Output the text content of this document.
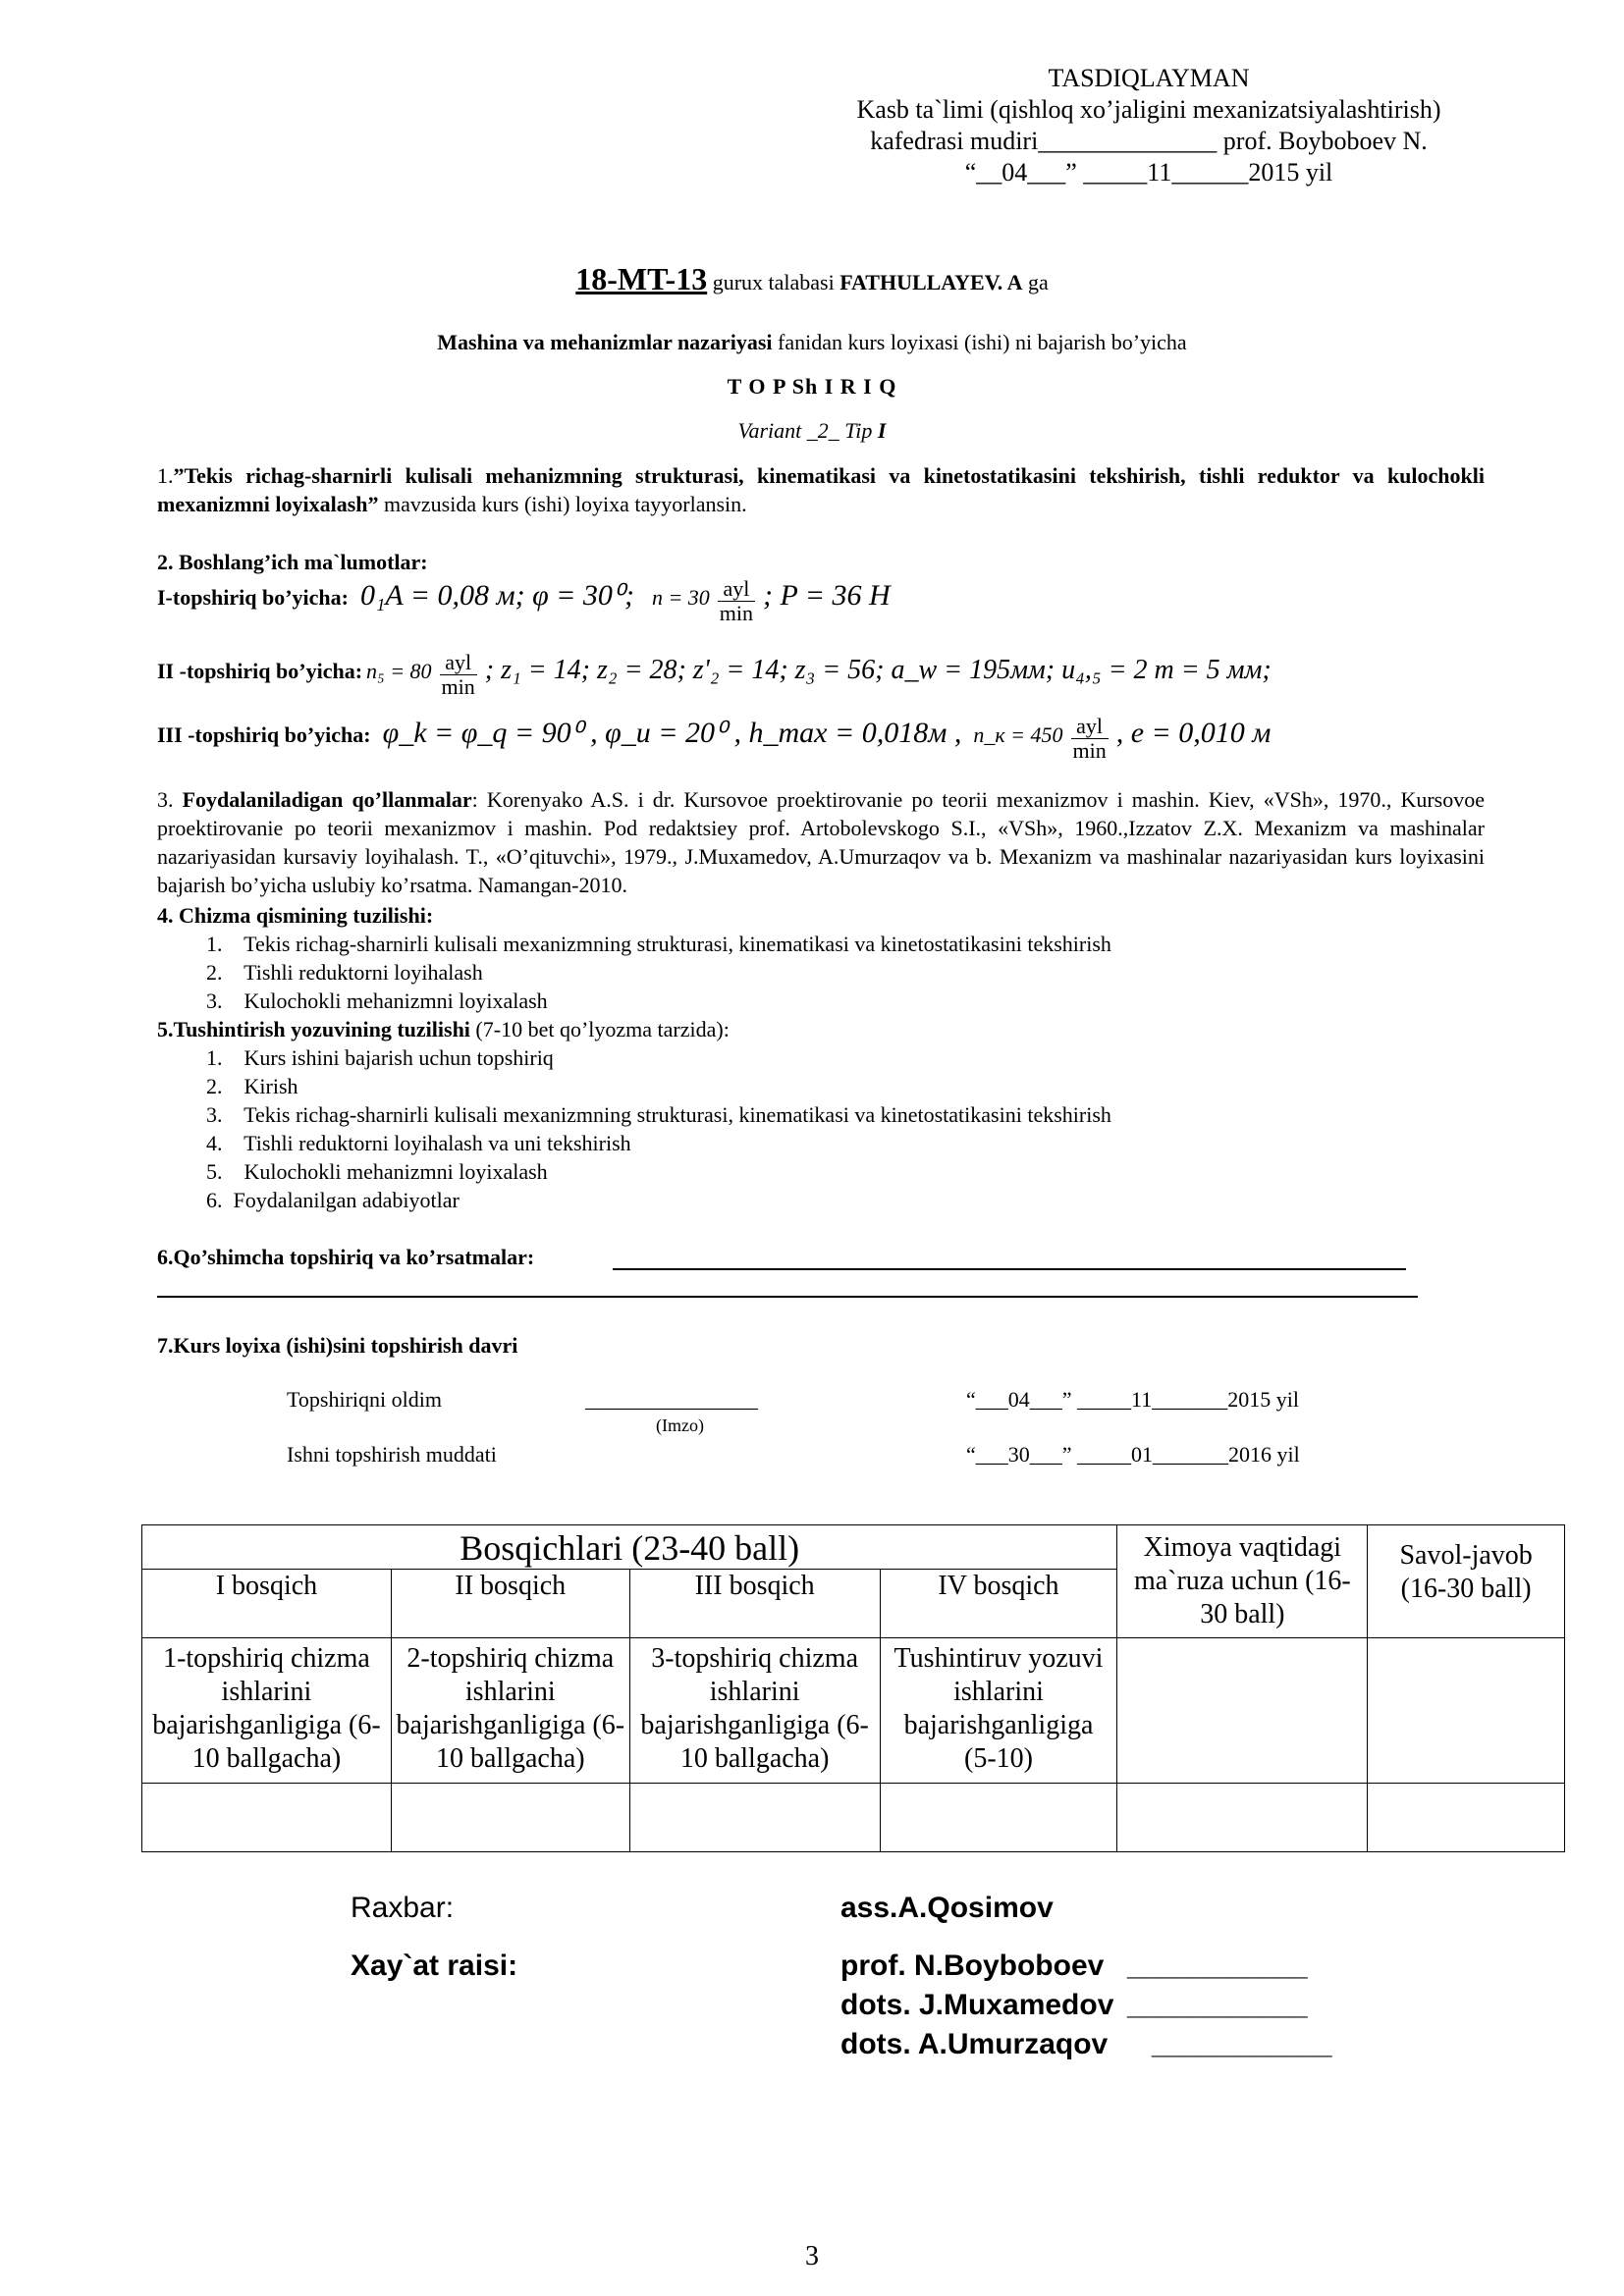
TASDIQLAYMAN
Kasb ta`limi (qishloq xo’jaligini mexanizatsiyalashtirish)
kafedrasi mudiri______________ prof. Boyboboev N.
“__04___” _____11______2015 yil
18-MT-13 gurux talabasi FATHULLAYEV. A ga
Mashina va mehanizmlar nazariyasi fanidan kurs loyixasi (ishi) ni bajarish bo’yicha
T O P Sh I R I Q
Variant _2_ Tip I
1.”Tekis richag-sharnirli kulisali mehanizmning strukturasi, kinematikasi va kinetostatikasini tekshirish, tishli reduktor va kulochokli mexanizmni loyixalash” mavzusida kurs (ishi) loyixa tayyorlansin.
2. Boshlang’ich ma`lumotlar:
I-topshiriq bo’yicha: 0₁A = 0,08 м; φ = 30⁰; $n = 30 \frac{\text{ayl}}{\min}$ ; P = 36 H
II -topshiriq bo’yicha: $n_5 = 80 \frac{\text{ayl}}{\min}$ ; z₁ = 14; z₂ = 28; z'₂ = 14; z₃ = 56; a_w = 195мм; u₄,₅ = 2 m = 5 мм;
III -topshiriq bo’yicha: φ_k = φ_q = 90⁰ , φ_u = 20⁰ , h_max = 0,018м , n_к = $450 \frac{\text{ayl}}{\min}$ , e = 0,010 м
3. Foydalaniladigan qo’llanmalar: Korenyako A.S. i dr. Kursovoe proektirovanie po teorii mexanizmov i mashin. Kiev, «VSh», 1970., Kursovoe proektirovanie po teorii mexanizmov i mashin. Pod redaktsiey prof. Artobolevskogo S.I., «VSh», 1960.,Izzatov Z.X. Mexanizm va mashinalar nazariyasidan kursaviy loyihalash. T., «O’qituvchi», 1979., J.Muxamedov, A.Umurzaqov va b. Mexanizm va mashinalar nazariyasidan kurs loyixasini bajarish bo’yicha uslubiy ko’rsatma. Namangan-2010.
4. Chizma qismining tuzilishi:
1.    Tekis richag-sharnirli kulisali mexanizmning strukturasi, kinematikasi va kinetostatikasini tekshirish
2.    Tishli reduktorni loyihalash
3.    Kulochokli mehanizmni loyixalash
5.Tushintirish yozuvining tuzilishi (7-10 bet qo’lyozma tarzida):
1.    Kurs ishini bajarish uchun topshiriq
2.    Kirish
3.    Tekis richag-sharnirli kulisali mexanizmning strukturasi, kinematikasi va kinetostatikasini tekshirish
4.    Tishli reduktorni loyihalash va uni tekshirish
5.    Kulochokli mehanizmni loyixalash
6.  Foydalanilgan adabiyotlar
6.Qo’shimcha topshiriq va ko’rsatmalar:
7.Kurs loyixa (ishi)sini topshirish davri
Topshiriqni oldim	________________
(Imzo)
“___04___” _____11_______2015 yil
Ishni topshirish muddati	“___30___” _____01_______2016 yil
Bosqichlari (23-40 ball)				Ximoya vaqtidagi ma`ruza uchun (16-30 ball)	Savol-javob (16-30 ball)
I bosqich	II bosqich	III bosqich	IV bosqich		
1-topshiriq chizma ishlarini bajarishganligiga (6-10 ballgacha)	2-topshiriq chizma ishlarini bajarishganligiga (6-10 ballgacha)	3-topshiriq chizma ishlarini bajarishganligiga (6-10 ballgacha)	Tushintiruv yozuvi ishlarini bajarishganligiga (5-10)		

Raxbar:	ass.A.Qosimov
Xay`at raisi:	prof. N.Boyboboev ___________
dots. J.Muxamedov ___________
dots. A.Umurzaqov ___________
3
